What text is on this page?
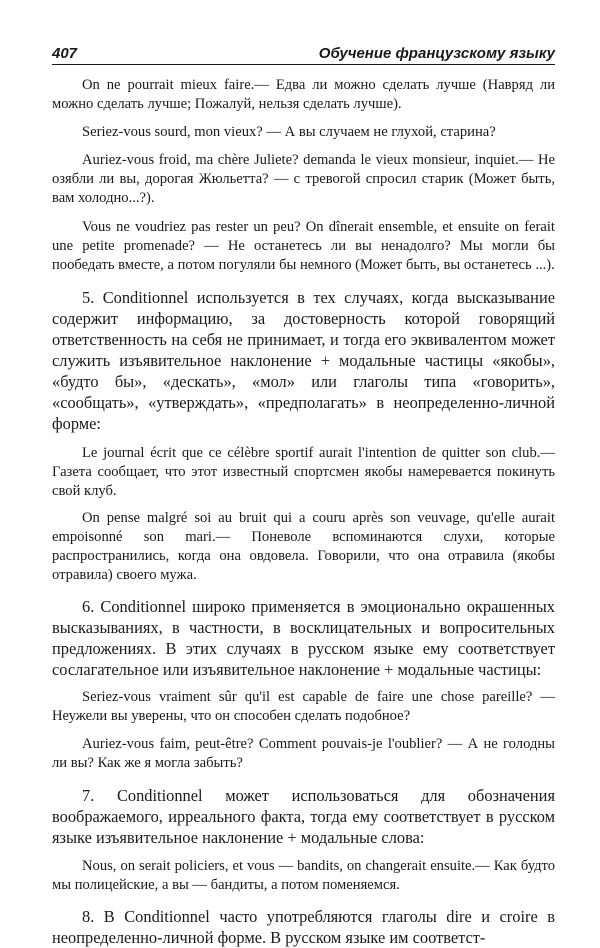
407	Обучение французскому языку

On ne pourrait mieux faire.— Едва ли можно сделать лучше (Навряд ли можно сделать лучше; Пожалуй, нельзя сделать лучше).

Seriez-vous sourd, mon vieux? — А вы случаем не глухой, старина?

Auriez-vous froid, ma chère Juliete? demanda le vieux monsieur, inquiet.— Не озябли ли вы, дорогая Жюльетта? — с тревогой спросил старик (Может быть, вам холодно...?).

Vous ne voudriez pas rester un peu? On dînerait ensemble, et ensuite on ferait une petite promenade? — Не останетесь ли вы ненадолго? Мы могли бы пообедать вместе, а потом погуляли бы немного (Может быть, вы останетесь ...).

5. Conditionnel используется в тех случаях, когда высказывание содержит информацию, за достоверность которой говорящий ответственность на себя не принимает, и тогда его эквивалентом может служить изъявительное наклонение + модальные частицы «якобы», «будто бы», «дескать», «мол» или глаголы типа «говорить», «сообщать», «утверждать», «предполагать» в неопределенно-личной форме:

Le journal écrit que ce célèbre sportif aurait l'intention de quitter son club.— Газета сообщает, что этот известный спортсмен якобы намеревается покинуть свой клуб.

On pense malgré soi au bruit qui a couru après son veuvage, qu'elle aurait empoisonné son mari.— Поневоле вспоминаются слухи, которые распространились, когда она овдовела. Говорили, что она отравила (якобы отравила) своего мужа.

6. Conditionnel широко применяется в эмоционально окрашенных высказываниях, в частности, в восклицательных и вопросительных предложениях. В этих случаях в русском языке ему соответствует сослагательное или изъявительное наклонение + модальные частицы:

Seriez-vous vraiment sûr qu'il est capable de faire une chose pareille? — Неужели вы уверены, что он способен сделать подобное?

Auriez-vous faim, peut-être? Comment pouvais-je l'oublier? — А не голодны ли вы? Как же я могла забыть?

7. Conditionnel может использоваться для обозначения воображаемого, ирреального факта, тогда ему соответствует в русском языке изъявительное наклонение + модальные слова:

Nous, on serait policiers, et vous — bandits, on changerait ensuite.— Как будто мы полицейские, а вы — бандиты, а потом поменяемся.

8. В Conditionnel часто употребляются глаголы dire и croire в неопределенно-личной форме. В русском языке им соответст-
